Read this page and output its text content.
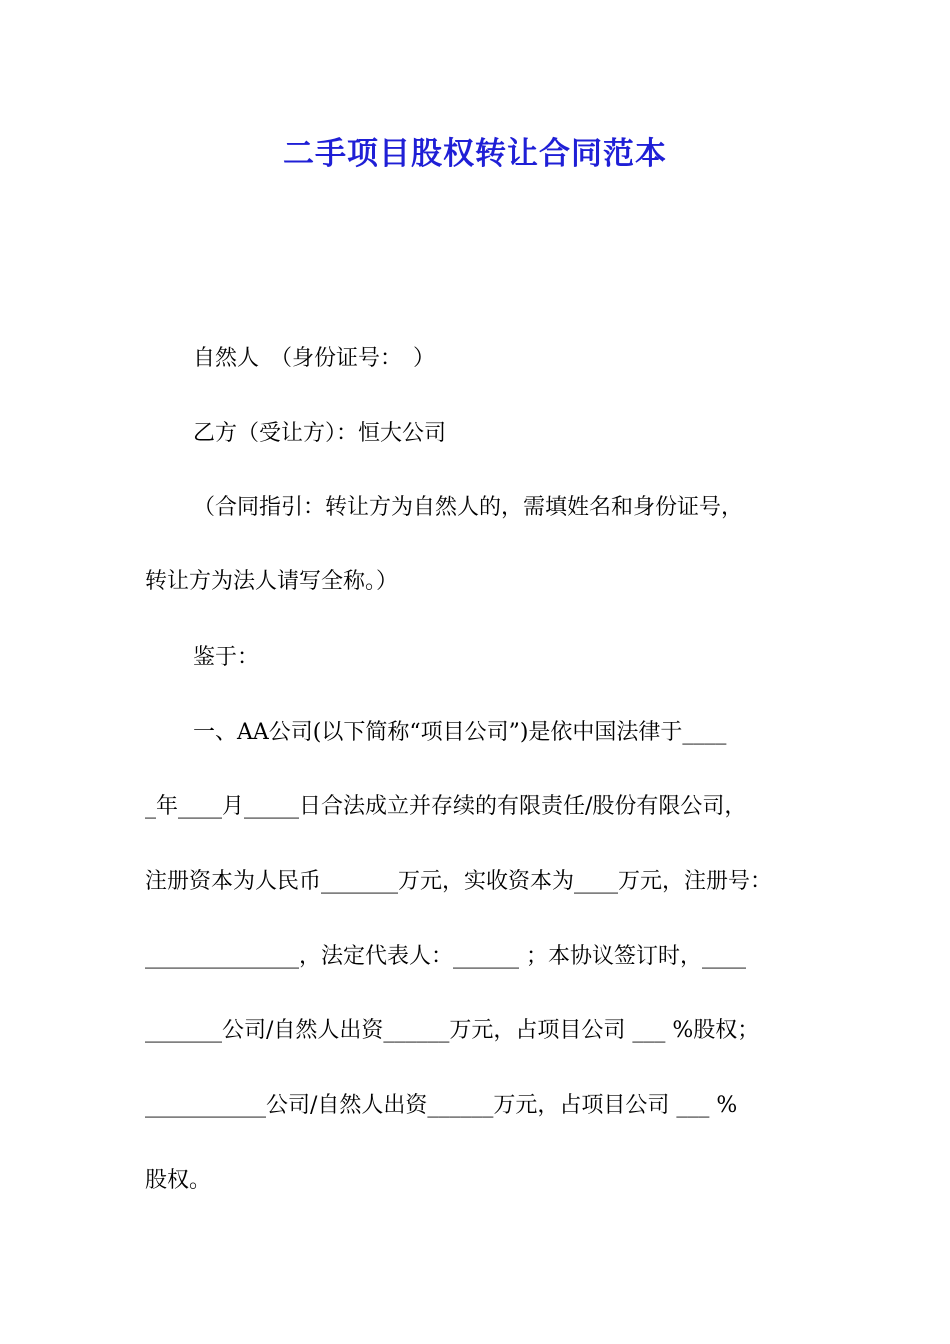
二手项目股权转让合同范本

自然人　（身份证号：　）

乙方（受让方）：恒大公司

（合同指引：转让方为自然人的，需填姓名和身份证号，

转让方为法人请写全称。）

鉴于：

一、AA公司(以下简称“项目公司”)是依中国法律于____

_年____月_____日合法成立并存续的有限责任/股份有限公司，

注册资本为人民币_______万元，实收资本为____万元，注册号：

______________，法定代表人：______ ；本协议签订时，____

_______公司/自然人出资______万元，占项目公司 ___ %股权；

___________公司/自然人出资______万元，占项目公司 ___ %

股权。
